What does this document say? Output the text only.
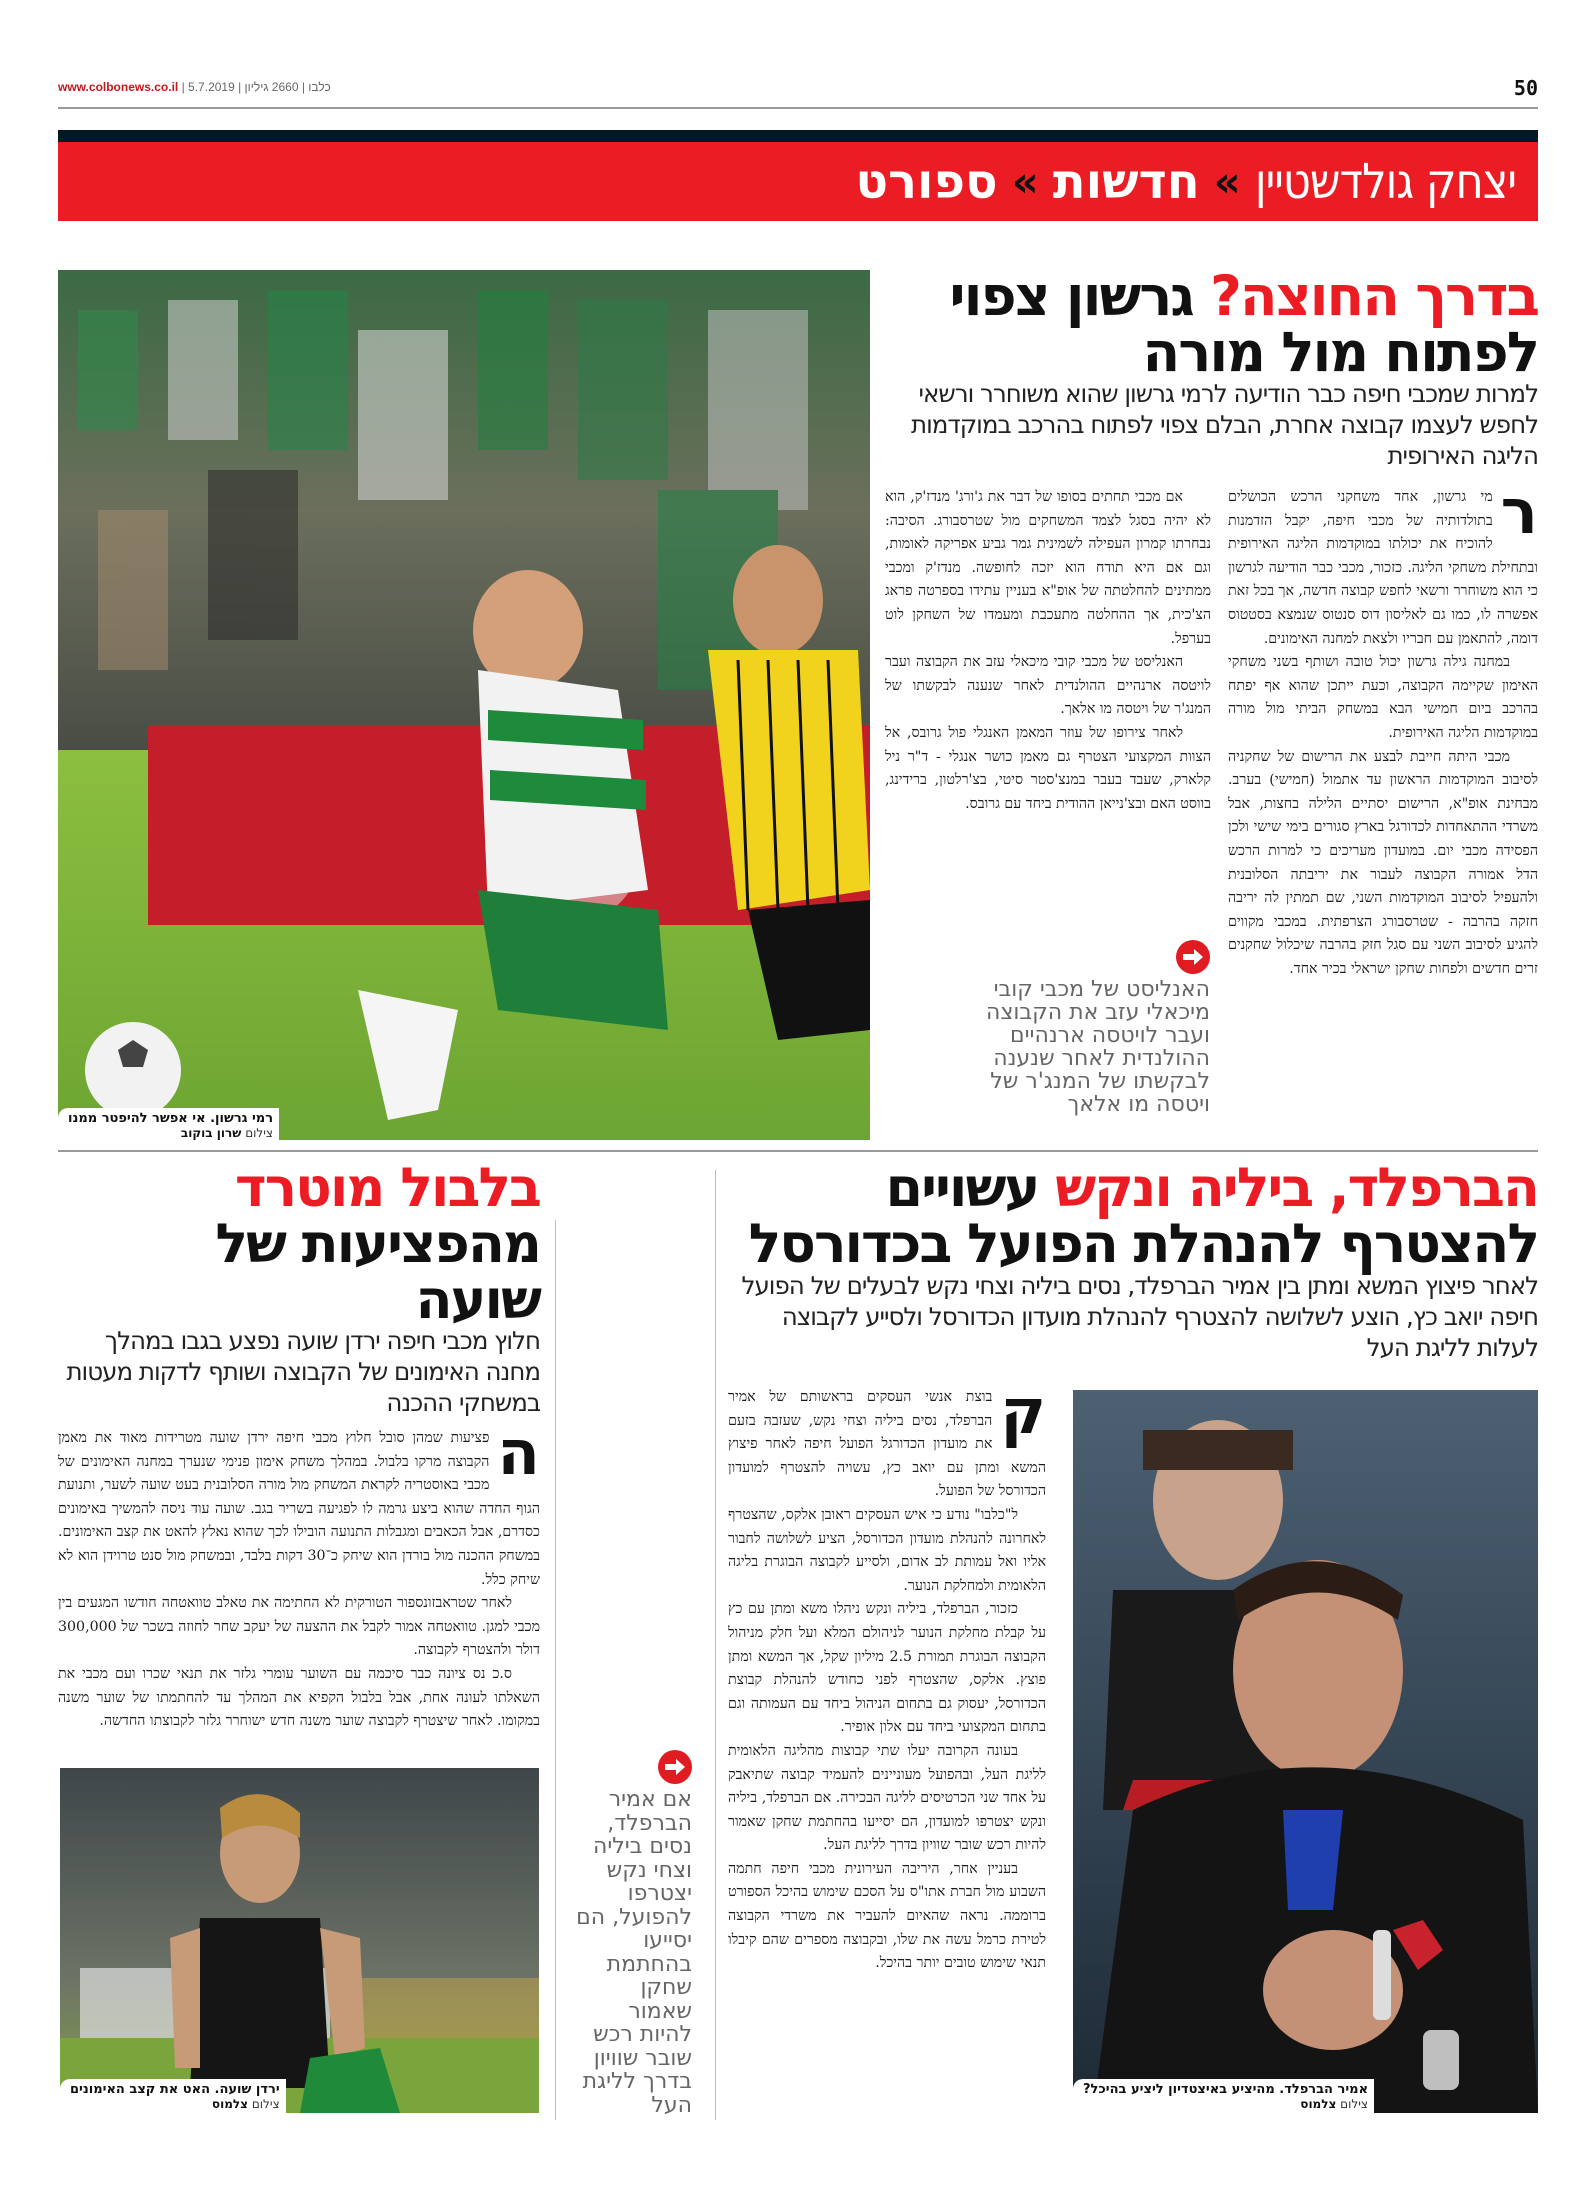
www.colbonews.co.il | כלבו | 2660 גיליון | 5.7.2019	50
ספורט » חדשות » יצחק גולדשטיין
רמי גרשון. אי אפשר להיפטר ממנו
צילום שרון בוקוב
בדרך החוצה? גרשון צפוי
לפתוח מול מורה
למרות שמכבי חיפה כבר הודיעה לרמי גרשון שהוא משוחרר ורשאי לחפש לעצמו קבוצה אחרת, הבלם צפוי לפתוח בהרכב במוקדמות הליגה האירופית

ר
מי גרשון, אחד משחקני הרכש הכושלים בתולדותיה של מכבי חיפה, יקבל הזדמנות להוכיח את יכולתו במוקדמות הליגה האירופית ובתחילת משחקי הליגה. כזכור, מכבי כבר הודיעה לגרשון כי הוא משוחרר ורשאי לחפש קבוצה חדשה, אך בכל זאת אפשרה לו, כמו גם לאליסון דוס סנטוס שנמצא בסטטוס דומה, להתאמן עם חבריו ולצאת למחנה האימונים.

במחנה גילה גרשון יכול טובה ושותף בשני משחקי האימון שקיימה הקבוצה, וכעת ייתכן שהוא אף יפתח בהרכב ביום חמישי הבא במשחק הביתי מול מורה במוקדמות הליגה האירופית.

מכבי היתה חייבת לבצע את הרישום של שחקניה לסיבוב המוקדמות הראשון עד אתמול (חמישי) בערב. מבחינת אופ"א, הרישום יסתיים הלילה בחצות, אבל משרדי ההתאחדות לכדורגל בארץ סגורים בימי שישי ולכן הפסידה מכבי יום. במועדון מעריכים כי למרות הרכש הדל אמורה הקבוצה לעבור את יריבתה הסלובנית ולהעפיל לסיבוב המוקדמות השני, שם תמתין לה יריבה חזקה בהרבה - שטרסבורג הצרפתית. במכבי מקווים להגיע לסיבוב השני עם סגל חזק בהרבה שיכלול שחקנים זרים חדשים ולפחות שחקן ישראלי בכיר אחד.

אם מכבי תחתים בסופו של דבר את ג'ורג' מנדז'ק, הוא לא יהיה בסגל לצמד המשחקים מול שטרסבורג. הסיבה: נבחרתו קמרון העפילה לשמינית גמר גביע אפריקה לאומות, וגם אם היא תודח הוא יזכה לחופשה. מנדז'ק ומכבי ממתינים להחלטתה של אופ"א בעניין עתידו בספרטה פראג הצ'כית, אך ההחלטה מתעכבת ומעמדו של השחקן לוט בערפל.

האנליסט של מכבי קובי מיכאלי עזב את הקבוצה ועבר לויטסה ארנהיים ההולנדית לאחר שנענה לבקשתו של המנג'ר של ויטסה מו אלאך.

לאחר צירופו של עוזר המאמן האנגלי פול גרובס, אל הצוות המקצועי הצטרף גם מאמן כושר אנגלי - ד"ר ניל קלארק, שעבד בעבר במנצ'סטר סיטי, בצ'רלטון, ברידינג, בווסט האם ובצ'נייאן ההודית ביחד עם גרובס.

האנליסט של מכבי קובי מיכאלי עזב את הקבוצה ועבר לויטסה ארנהיים ההולנדית לאחר שנענה לבקשתו של המנג'ר של ויטסה מו אלאך
הברפלד, ביליה ונקש עשויים
להצטרף להנהלת הפועל בכדורסל
לאחר פיצוץ המשא ומתן בין אמיר הברפלד, נסים ביליה וצחי נקש לבעלים של הפועל חיפה יואב כץ, הוצע לשלושה להצטרף להנהלת מועדון הכדורסל ולסייע לקבוצה לעלות לליגת העל

ק
בוצת אנשי העסקים בראשותם של אמיר הברפלד, נסים ביליה וצחי נקש, שעזבה בזעם את מועדון הכדורגל הפועל חיפה לאחר פיצוץ המשא ומתן עם יואב כץ, עשויה להצטרף למועדון הכדורסל של הפועל.

ל"כלבו" נודע כי איש העסקים ראובן אלקס, שהצטרף לאחרונה להנהלת מועדון הכדורסל, הציע לשלושה לחבור אליו ואל עמותת לב אדום, ולסייע לקבוצה הבוגרת בליגה הלאומית ולמחלקת הנוער.

כזכור, הברפלד, ביליה ונקש ניהלו משא ומתן עם כץ על קבלת מחלקת הנוער לניהולם המלא ועל חלק מניהול הקבוצה הבוגרת תמורת 2.5 מיליון שקל, אך המשא ומתן פוצץ. אלקס, שהצטרף לפני כחודש להנהלת קבוצת הכדורסל, יעסוק גם בתחום הניהול ביחד עם העמותה וגם בתחום המקצועי ביחד עם אלון אופיר.

בעונה הקרובה יעלו שתי קבוצות מהליגה הלאומית לליגת העל, ובהפועל מעוניינים להעמיד קבוצה שתיאבק על אחד שני הכרטיסים לליגה הבכירה. אם הברפלד, ביליה ונקש יצטרפו למועדון, הם יסייעו בהחתמת שחקן שאמור להיות רכש שובר שוויון בדרך לליגת העל.

בעניין אחר, היריבה העירונית מכבי חיפה חתמה השבוע מול חברת אתו"ס על הסכם שימוש בהיכל הספורט ברוממה. נראה שהאיום להעביר את משרדי הקבוצה לטירת כרמל עשה את שלו, ובקבוצה מספרים שהם קיבלו תנאי שימוש טובים יותר בהיכל.

אמיר הברפלד. מהיציע באיצטדיון ליציע בהיכל?
צילום צלמוס
אם אמיר הברפלד, נסים ביליה וצחי נקש יצטרפו להפועל, הם יסייעו בהחתמת שחקן שאמור להיות רכש שובר שוויון בדרך לליגת העל
בלבול מוטרד
מהפציעות של
שועה
חלוץ מכבי חיפה ירדן שועה נפצע בגבו במהלך מחנה האימונים של הקבוצה ושותף לדקות מעטות במשחקי ההכנה

ה
פציעות שמהן סובל חלוץ מכבי חיפה ירדן שועה מטרידות מאוד את מאמן הקבוצה מרקו בלבול. במהלך משחק אימון פנימי שנערך במחנה האימונים של מכבי באוסטריה לקראת המשחק מול מורה הסלובנית בעט שועה לשער, ותנועת הגוף החדה שהוא ביצע גרמה לו לפגיעה בשריר בגב. שועה עוד ניסה להמשיך באימונים כסדרם, אבל הכאבים ומגבלות התנועה הובילו לכך שהוא נאלץ להאט את קצב האימונים. במשחק ההכנה מול בורדן הוא שיחק כ־30 דקות בלבד, ובמשחק מול סנט טרוידן הוא לא שיחק כלל.

לאחר שטראבזונספור הטורקית לא החתימה את טאלב טוואטחה חודשו המגעים בין מכבי למגן. טוואטחה אמור לקבל את ההצעה של יעקב שחר לחוזה בשכר של 300,000 דולר ולהצטרף לקבוצה.

ס.כ נס ציונה כבר סיכמה עם השוער עומרי גלזר את תנאי שכרו ועם מכבי את השאלתו לעונה אחת, אבל בלבול הקפיא את המהלך עד להחתמתו של שוער משנה במקומו. לאחר שיצטרף לקבוצה שוער משנה חדש ישוחרר גלזר לקבוצתו החדשה.

ירדן שועה. האט את קצב האימונים
צילום צלמוס
